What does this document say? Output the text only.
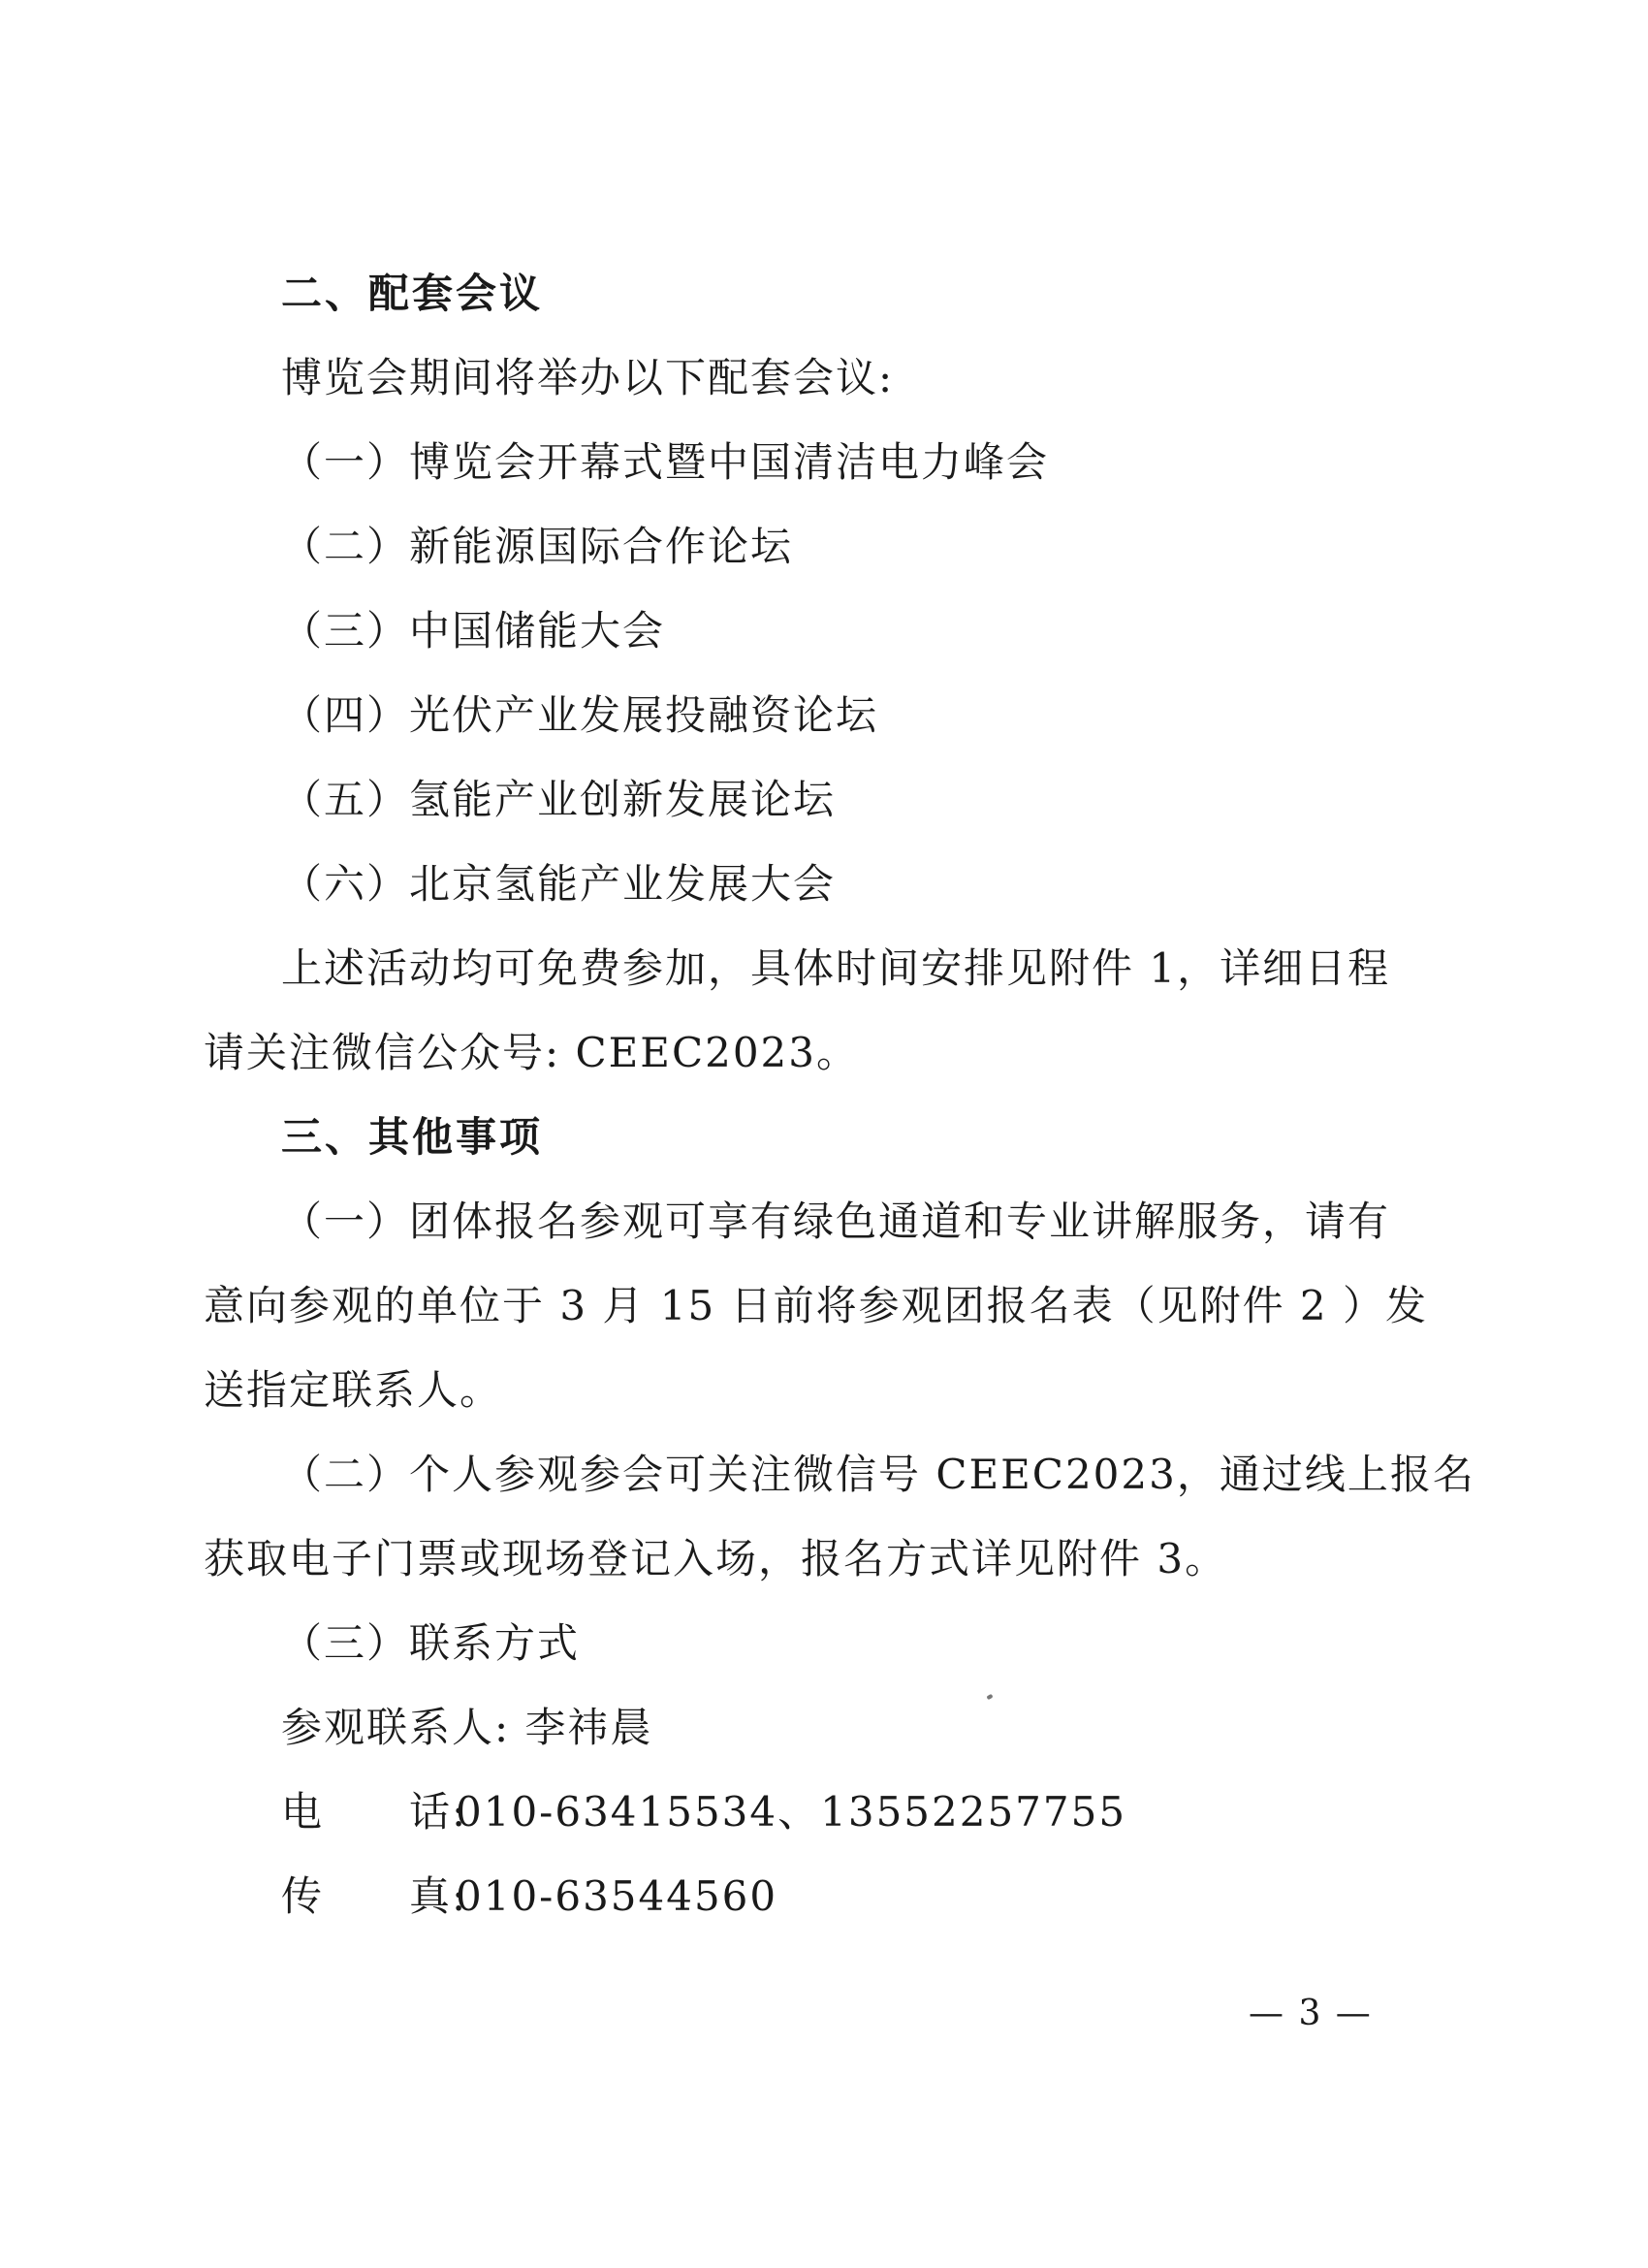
二、配套会议
博览会期间将举办以下配套会议:
（一）博览会开幕式暨中国清洁电力峰会
（二）新能源国际合作论坛
（三）中国储能大会
（四）光伏产业发展投融资论坛
（五）氢能产业创新发展论坛
（六）北京氢能产业发展大会
上述活动均可免费参加，具体时间安排见附件 1，详细日程
请关注微信公众号: CEEC2023。
三、其他事项
（一）团体报名参观可享有绿色通道和专业讲解服务，请有
意向参观的单位于 3 月 15 日前将参观团报名表（见附件 2 ）发
送指定联系人。
（二）个人参观参会可关注微信号 CEEC2023，通过线上报名
获取电子门票或现场登记入场，报名方式详见附件 3。
（三）联系方式
参观联系人: 李祎晨
电　　话:010-63415534、13552257755
传　　真:010-63544560
— 3 —
